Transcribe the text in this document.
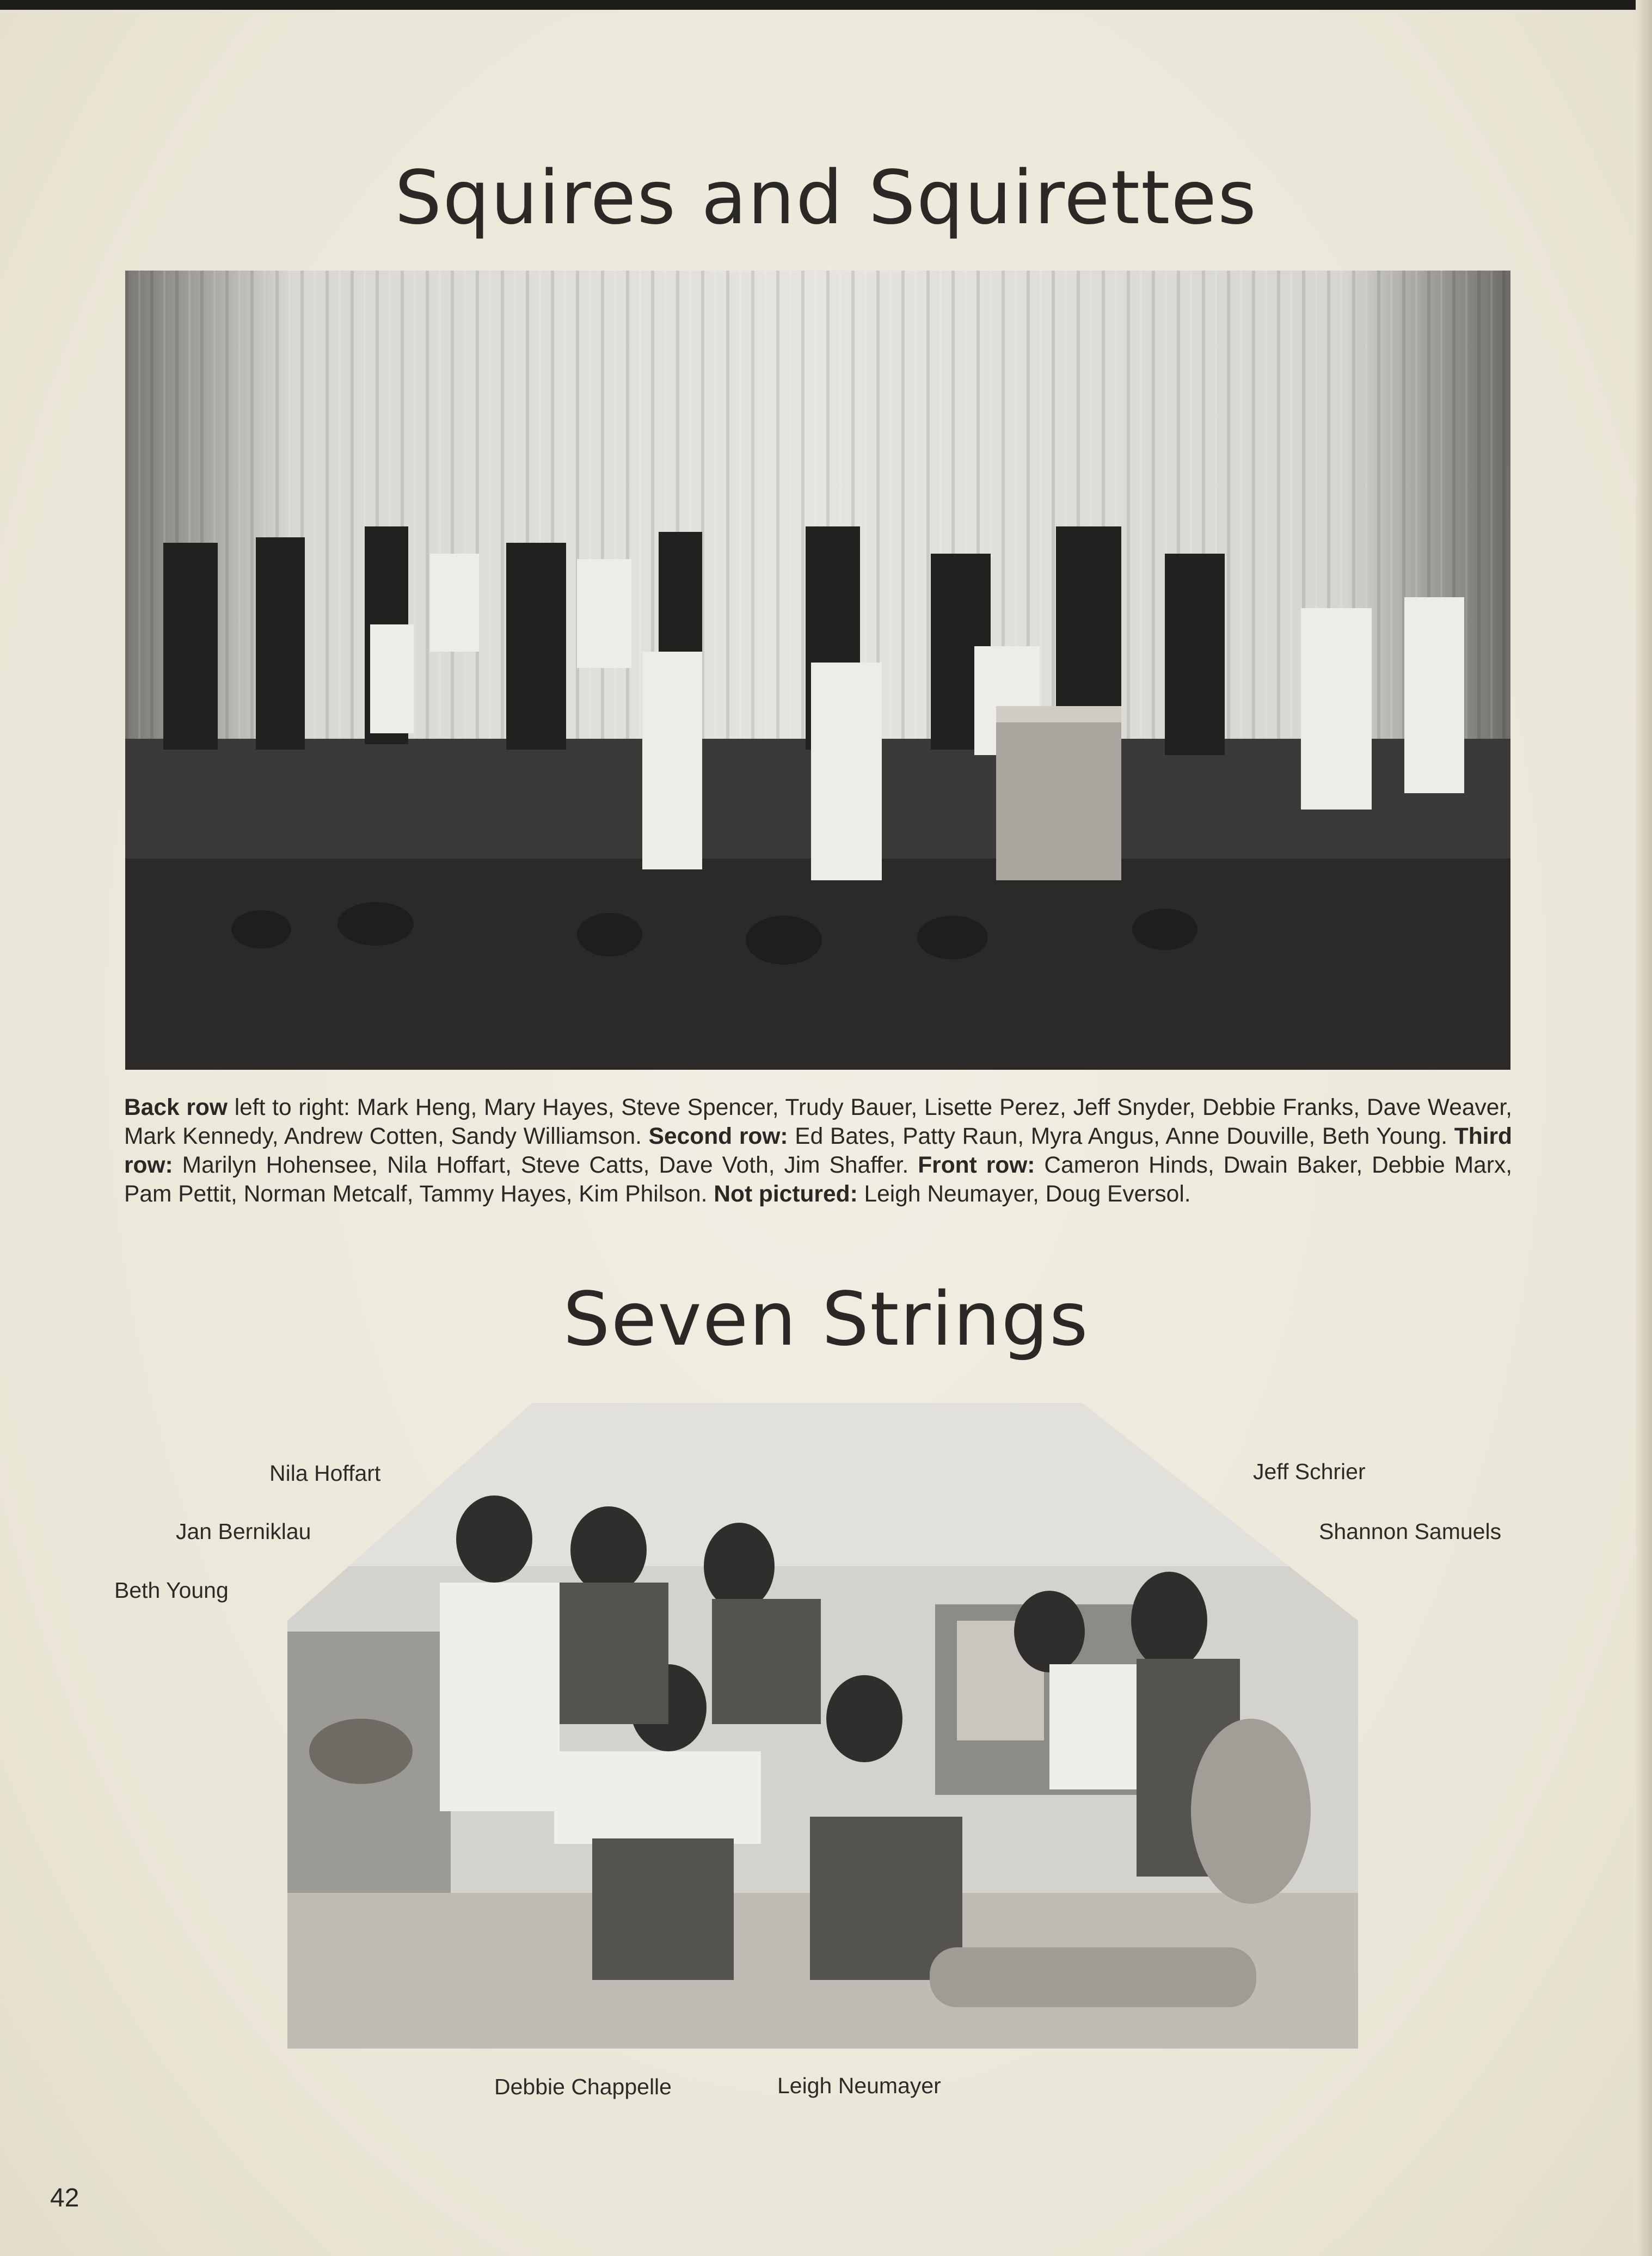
Squires and Squirettes
Back row left to right: Mark Heng, Mary Hayes, Steve Spencer, Trudy Bauer, Lisette Perez, Jeff Snyder, Debbie Franks, Dave Weaver, Mark Kennedy, Andrew Cotten, Sandy Williamson. Second row: Ed Bates, Patty Raun, Myra Angus, Anne Douville, Beth Young. Third row: Marilyn Hohensee, Nila Hoffart, Steve Catts, Dave Voth, Jim Shaffer. Front row: Cameron Hinds, Dwain Baker, Debbie Marx, Pam Pettit, Norman Metcalf, Tammy Hayes, Kim Philson. Not pictured: Leigh Neumayer, Doug Eversol.
Seven Strings
Nila Hoffart
Jan Berniklau
Beth Young
Jeff Schrier
Shannon Samuels
Debbie Chappelle	Leigh Neumayer
42
